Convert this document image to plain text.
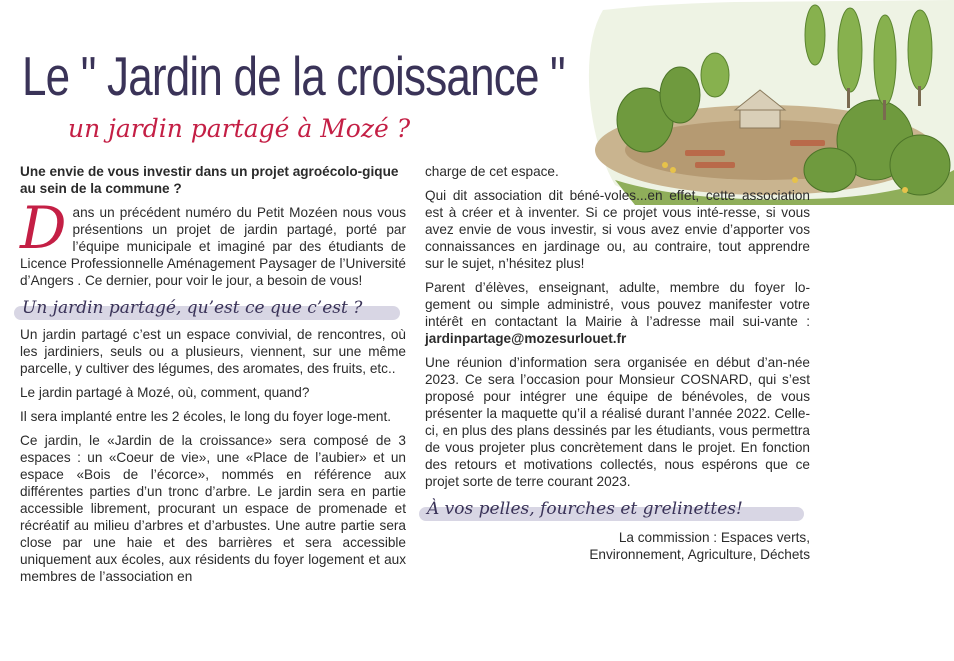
Le " Jardin de la croissance "
un jardin partagé à Mozé ?

Une envie de vous investir dans un projet agroécolo-gique au sein de la commune ?

Dans un précédent numéro du Petit Mozéen nous vous présentions un projet de jardin partagé, porté par l’équipe municipale et imaginé par des étudiants de Licence Professionnelle Aménagement Paysager de l’Université d’Angers . Ce dernier, pour voir le jour, a besoin de vous!

Un jardin partagé, qu’est ce que c’est ?

Un jardin partagé c’est un espace convivial, de rencontres, où les jardiniers, seuls ou a plusieurs, viennent, sur une même parcelle, y cultiver des légumes, des aromates, des fruits, etc..

Le jardin partagé à Mozé, où, comment, quand?

Il sera implanté entre les 2 écoles, le long du foyer loge-ment.

Ce jardin, le «Jardin de la croissance» sera composé de 3 espaces : un «Coeur de vie», une «Place de l’aubier» et un espace «Bois de l’écorce», nommés en référence aux différentes parties d’un tronc d’arbre. Le jardin sera en partie accessible librement, procurant un espace de promenade et récréatif au milieu d’arbres et d’arbustes. Une autre partie sera close par une haie et des barrières et sera accessible uniquement aux écoles, aux résidents du foyer logement et aux membres de l’association en

charge de cet espace.

Qui dit association dit béné-voles...en effet, cette association est à créer et à inventer. Si ce projet vous inté-resse, si vous avez envie de vous investir, si vous avez envie d’apporter vos connaissances en jardinage ou, au contraire, tout apprendre sur le sujet, n’hésitez plus!

Parent d’élèves, enseignant, adulte, membre du foyer lo-gement ou simple administré, vous pouvez manifester votre intérêt en contactant la Mairie à l’adresse mail sui-vante : jardinpartage@mozesurlouet.fr

Une réunion d’information sera organisée en début d’an-née 2023. Ce sera l’occasion pour Monsieur COSNARD, qui s’est proposé pour intégrer une équipe de bénévoles, de vous présenter la maquette qu’il a réalisé durant l’année 2022. Celle-ci, en plus des plans dessinés par les étudiants, vous permettra de vous projeter plus concrètement dans le projet. En fonction des retours et motivations collectés, nous espérons que ce projet sorte de terre courant 2023.

À vos pelles, fourches et grelinettes!
La commission : Espaces verts,
Environnement, Agriculture, Déchets
